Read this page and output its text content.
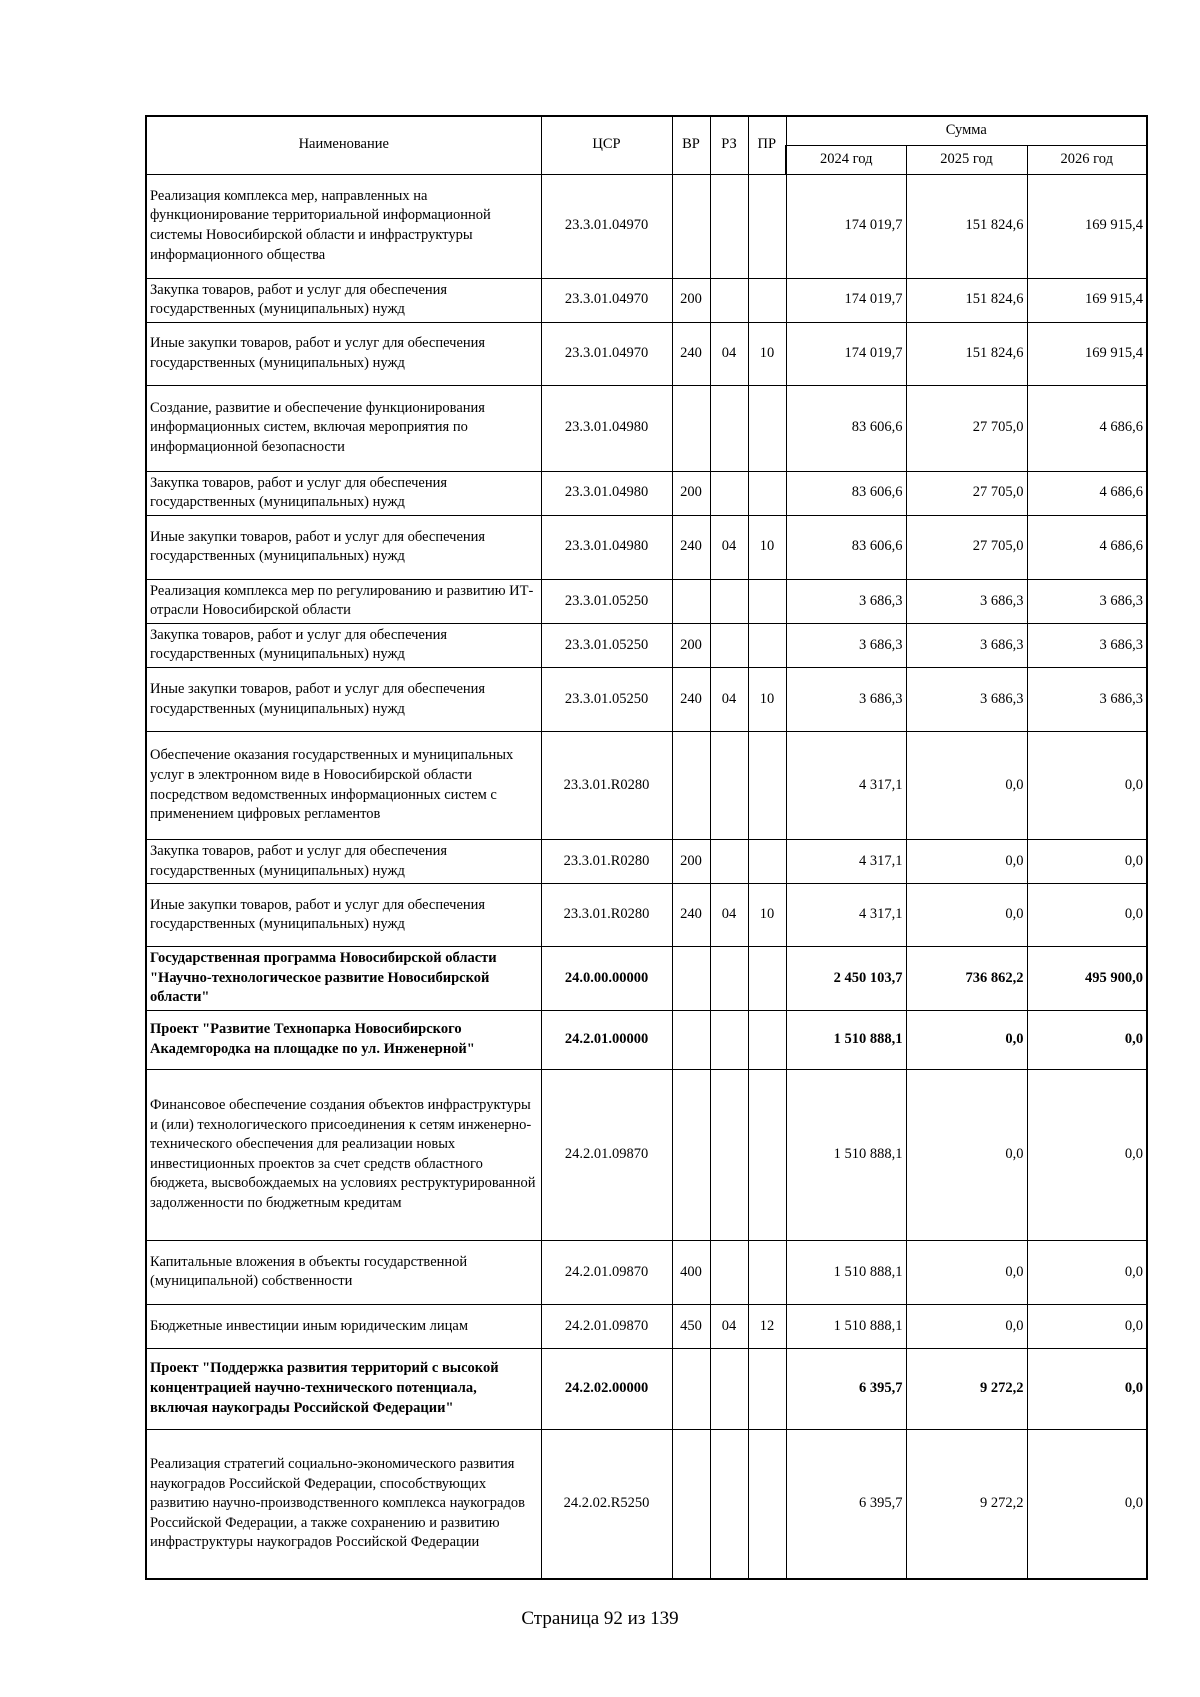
Наименование	ЦСР	ВР	РЗ	ПР	Сумма		
					2024 год	2025 год	2026 год
Реализация комплекса мер, направленных на функционирование территориальной информационной системы Новосибирской области и инфраструктуры информационного общества	23.3.01.04970				174 019,7	151 824,6	169 915,4
Закупка товаров, работ и услуг для обеспечения государственных (муниципальных) нужд	23.3.01.04970	200			174 019,7	151 824,6	169 915,4
Иные закупки товаров, работ и услуг для обеспечения государственных (муниципальных) нужд	23.3.01.04970	240	04	10	174 019,7	151 824,6	169 915,4
Создание, развитие и обеспечение функционирования информационных систем, включая мероприятия по информационной безопасности	23.3.01.04980				83 606,6	27 705,0	4 686,6
Закупка товаров, работ и услуг для обеспечения государственных (муниципальных) нужд	23.3.01.04980	200			83 606,6	27 705,0	4 686,6
Иные закупки товаров, работ и услуг для обеспечения государственных (муниципальных) нужд	23.3.01.04980	240	04	10	83 606,6	27 705,0	4 686,6
Реализация комплекса мер по регулированию и развитию ИТ-отрасли Новосибирской области	23.3.01.05250				3 686,3	3 686,3	3 686,3
Закупка товаров, работ и услуг для обеспечения государственных (муниципальных) нужд	23.3.01.05250	200			3 686,3	3 686,3	3 686,3
Иные закупки товаров, работ и услуг для обеспечения государственных (муниципальных) нужд	23.3.01.05250	240	04	10	3 686,3	3 686,3	3 686,3
Обеспечение оказания государственных и муниципальных услуг в электронном виде в Новосибирской области посредством ведомственных информационных систем с применением цифровых регламентов	23.3.01.R0280				4 317,1	0,0	0,0
Закупка товаров, работ и услуг для обеспечения государственных (муниципальных) нужд	23.3.01.R0280	200			4 317,1	0,0	0,0
Иные закупки товаров, работ и услуг для обеспечения государственных (муниципальных) нужд	23.3.01.R0280	240	04	10	4 317,1	0,0	0,0
Государственная программа Новосибирской области "Научно-технологическое развитие Новосибирской области"	24.0.00.00000				2 450 103,7	736 862,2	495 900,0
Проект "Развитие Технопарка Новосибирского Академгородка на площадке по ул. Инженерной"	24.2.01.00000				1 510 888,1	0,0	0,0
Финансовое обеспечение создания объектов инфраструктуры и (или) технологического присоединения к сетям инженерно-технического обеспечения для реализации новых инвестиционных проектов за счет средств областного бюджета, высвобождаемых на условиях реструктурированной задолженности по бюджетным кредитам	24.2.01.09870				1 510 888,1	0,0	0,0
Капитальные вложения в объекты государственной (муниципальной) собственности	24.2.01.09870	400			1 510 888,1	0,0	0,0
Бюджетные инвестиции иным юридическим лицам	24.2.01.09870	450	04	12	1 510 888,1	0,0	0,0
Проект "Поддержка развития территорий с высокой концентрацией научно-технического потенциала, включая наукограды Российской Федерации"	24.2.02.00000				6 395,7	9 272,2	0,0
Реализация стратегий социально-экономического развития наукоградов Российской Федерации, способствующих развитию научно-производственного комплекса наукоградов Российской Федерации, а также сохранению и развитию инфраструктуры наукоградов Российской Федерации	24.2.02.R5250				6 395,7	9 272,2	0,0
Страница 92 из 139
